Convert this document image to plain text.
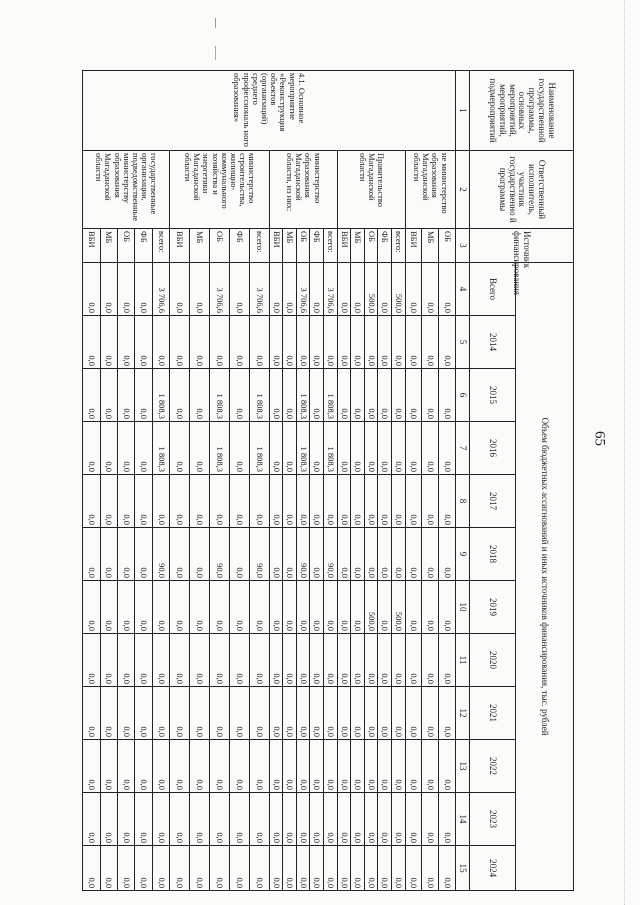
65
Наименование государственной программы, основных мероприятий, мероприятий, подмероприятий	Ответственный исполнитель, участник государственно й программы	Источник финансирования	Объем бюджетных ассигнований и иных источников финансирования, тыс. рублей											
			Всего	2014	2015	2016	2017	2018	2019	2020	2021	2022	2023	2024
1	2	3	4	5	6	7	8	9	10	11	12	13	14	15
4.1. Основное мероприятие «Реконструкция объектов (организаций) среднего профессиональ ного образования»	не министерство образования Магаданской области	ОБ	0,0	0,0	0,0	0,0	0,0	0,0	0,0	0,0	0,0	0,0	0,0	0,0
		МБ	0,0	0,0	0,0	0,0	0,0	0,0	0,0	0,0	0,0	0,0	0,0	0,0
		ВБИ	0,0	0,0	0,0	0,0	0,0	0,0	0,0	0,0	0,0	0,0	0,0	0,0
	Правительство Магаданской области	всего:	500,0	0,0	0,0	0,0	0,0	0,0	500,0	0,0	0,0	0,0	0,0	0,0
		ФБ	0,0	0,0	0,0	0,0	0,0	0,0	0,0	0,0	0,0	0,0	0,0	0,0
		ОБ	500,0	0,0	0,0	0,0	0,0	0,0	500,0	0,0	0,0	0,0	0,0	0,0
		МБ	0,0	0,0	0,0	0,0	0,0	0,0	0,0	0,0	0,0	0,0	0,0	0,0
		ВБИ	0,0	0,0	0,0	0,0	0,0	0,0	0,0	0,0	0,0	0,0	0,0	0,0
	министерство образования Магаданской области, из них:	всего:	3 706,6	0,0	1 808,3	1 808,3	0,0	90,0	0,0	0,0	0,0	0,0	0,0	0,0
		ФБ	0,0	0,0	0,0	0,0	0,0	0,0	0,0	0,0	0,0	0,0	0,0	0,0
		ОБ	3 706,6	0,0	1 808,3	1 808,3	0,0	90,0	0,0	0,0	0,0	0,0	0,0	0,0
		МБ	0,0	0,0	0,0	0,0	0,0	0,0	0,0	0,0	0,0	0,0	0,0	0,0
		ВБИ	0,0	0,0	0,0	0,0	0,0	0,0	0,0	0,0	0,0	0,0	0,0	0,0
	министерство строительства, жилищно-коммунального хозяйства и энергетики Магаданской области	всего:	3 706,6	0,0	1 808,3	1 808,3	0,0	90,0	0,0	0,0	0,0	0,0	0,0	0,0
		ФБ	0,0	0,0	0,0	0,0	0,0	0,0	0,0	0,0	0,0	0,0	0,0	0,0
		ОБ	3 706,6	0,0	1 808,3	1 808,3	0,0	90,0	0,0	0,0	0,0	0,0	0,0	0,0
		МБ	0,0	0,0	0,0	0,0	0,0	0,0	0,0	0,0	0,0	0,0	0,0	0,0
		ВБИ	0,0	0,0	0,0	0,0	0,0	0,0	0,0	0,0	0,0	0,0	0,0	0,0
	государственные организации, подведомственные министерству образования Магаданской области	всего:	3 706,6	0,0	1 808,3	1 808,3	0,0	90,0	0,0	0,0	0,0	0,0	0,0	0,0
		ФБ	0,0	0,0	0,0	0,0	0,0	0,0	0,0	0,0	0,0	0,0	0,0	0,0
		ОБ	0,0	0,0	0,0	0,0	0,0	0,0	0,0	0,0	0,0	0,0	0,0	0,0
		МБ	0,0	0,0	0,0	0,0	0,0	0,0	0,0	0,0	0,0	0,0	0,0	0,0
		ВБИ	0,0	0,0	0,0	0,0	0,0	0,0	0,0	0,0	0,0	0,0	0,0	0,0
